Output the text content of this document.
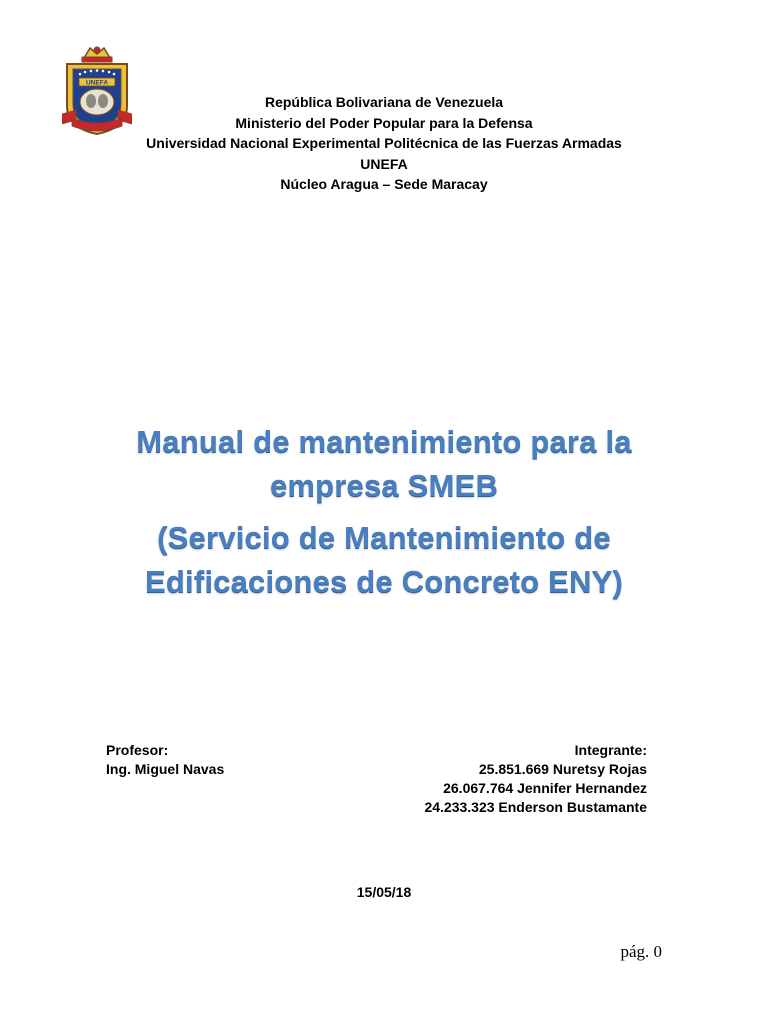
UNEFA
República Bolivariana de Venezuela
Ministerio del Poder Popular para la Defensa
Universidad Nacional Experimental Politécnica de las Fuerzas Armadas
UNEFA
Núcleo Aragua – Sede Maracay
Manual de mantenimiento para la
empresa SMEB
(Servicio de Mantenimiento de
Edificaciones de Concreto ENY)
Profesor:
Ing. Miguel Navas
Integrante:
25.851.669 Nuretsy Rojas
26.067.764 Jennifer Hernandez
24.233.323 Enderson Bustamante
15/05/18
pág. 0
